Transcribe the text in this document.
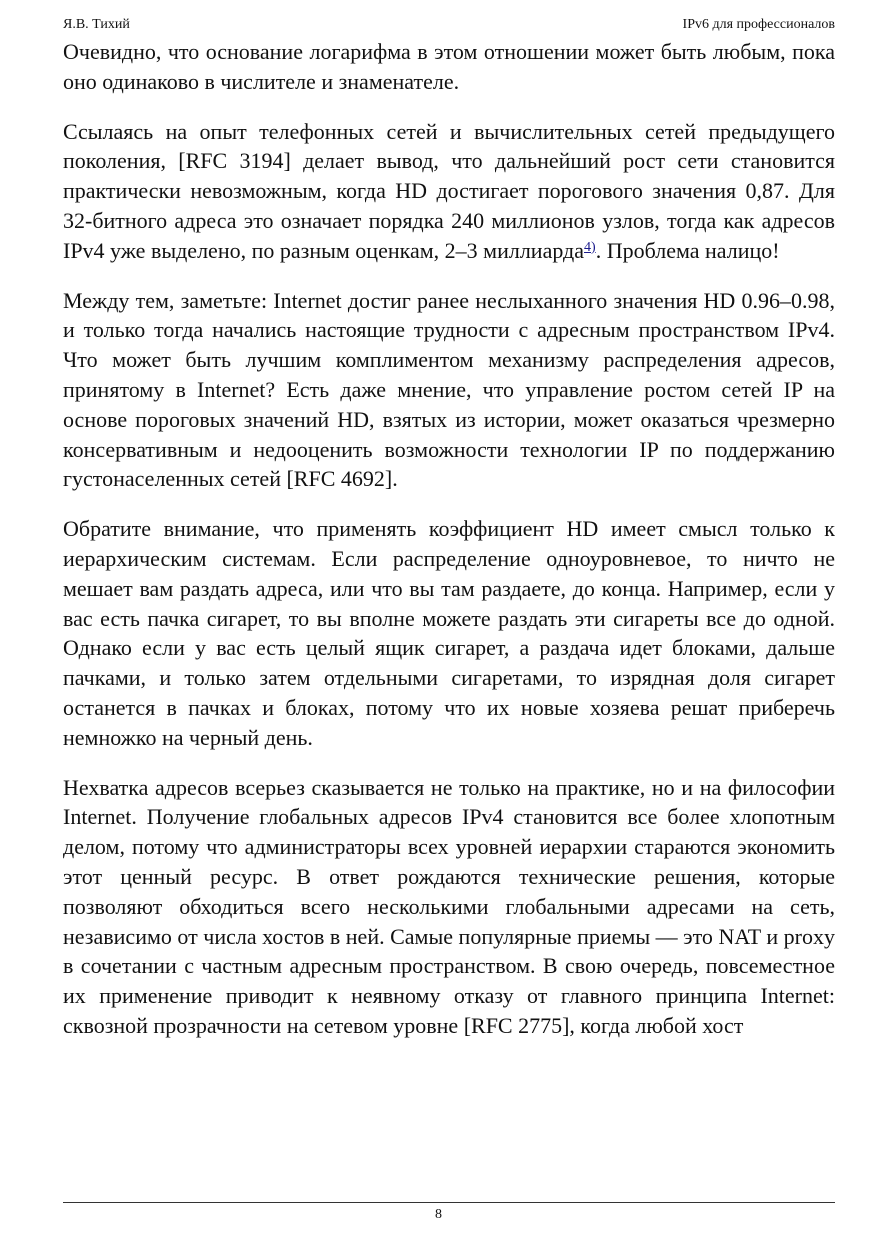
Я.В. Тихий	IPv6 для профессионалов

Очевидно, что основание логарифма в этом отношении может быть любым, пока оно одинаково в числителе и знаменателе.

Ссылаясь на опыт телефонных сетей и вычислительных сетей предыдущего поколения, [RFC 3194] делает вывод, что дальнейший рост сети становится практически невозможным, когда HD достигает порогового значения 0,87. Для 32-битного адреса это означает порядка 240 миллионов узлов, тогда как адресов IPv4 уже выделено, по разным оценкам, 2–3 миллиарда$^{4)}$. Проблема налицо!

Между тем, заметьте: Internet достиг ранее неслыханного значения HD 0.96–0.98, и только тогда начались настоящие трудности с адресным пространством IPv4. Что может быть лучшим комплиментом механизму распределения адресов, принятому в Internet? Есть даже мнение, что управление ростом сетей IP на основе пороговых значений HD, взятых из истории, может оказаться чрезмерно консервативным и недооценить возможности технологии IP по поддержанию густонаселенных сетей [RFC 4692].

Обратите внимание, что применять коэффициент HD имеет смысл только к иерархическим системам. Если распределение одноуровневое, то ничто не мешает вам раздать адреса, или что вы там раздаете, до конца. Например, если у вас есть пачка сигарет, то вы вполне можете раздать эти сигареты все до одной. Однако если у вас есть целый ящик сигарет, а раздача идет блоками, дальше пачками, и только затем отдельными сигаретами, то изрядная доля сигарет останется в пачках и блоках, потому что их новые хозяева решат приберечь немножко на черный день.

Нехватка адресов всерьез сказывается не только на практике, но и на философии Internet. Получение глобальных адресов IPv4 становится все более хлопотным делом, потому что администраторы всех уровней иерархии стараются экономить этот ценный ресурс. В ответ рождаются технические решения, которые позволяют обходиться всего несколькими глобальными адресами на сеть, независимо от числа хостов в ней. Самые популярные приемы — это NAT и proxy в сочетании с частным адресным пространством. В свою очередь, повсеместное их применение приводит к неявному отказу от главного принципа Internet: сквозной прозрачности на сетевом уровне [RFC 2775], когда любой хост

8
